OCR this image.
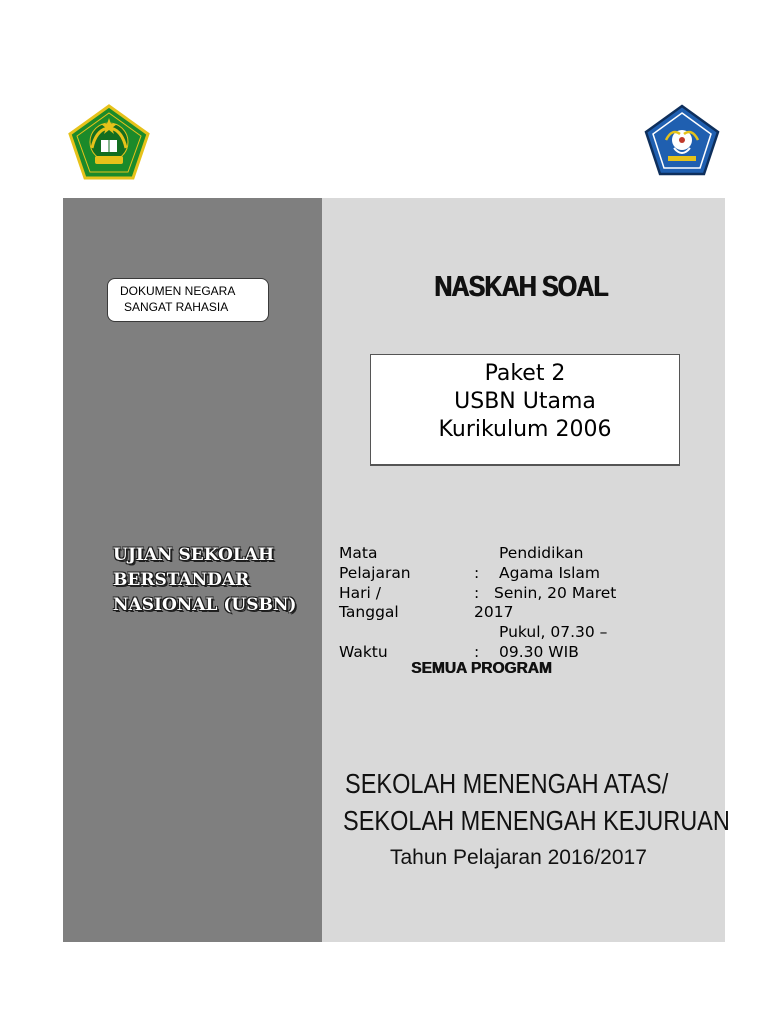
DOKUMEN NEGARA
SANGAT RAHASIA
UJIAN SEKOLAH
BERSTANDAR
NASIONAL (USBN)
NASKAH SOAL
Paket 2
USBN Utama
Kurikulum 2006
Mata
Pelajaran	:
Pendidikan
Agama Islam
Hari /
Tanggal
: Senin, 20 Maret
2017
Waktu	:
Pukul, 07.30 –
09.30 WIB
SEMUA PROGRAM
SEKOLAH MENENGAH ATAS/
SEKOLAH MENENGAH KEJURUAN
Tahun Pelajaran 2016/2017
